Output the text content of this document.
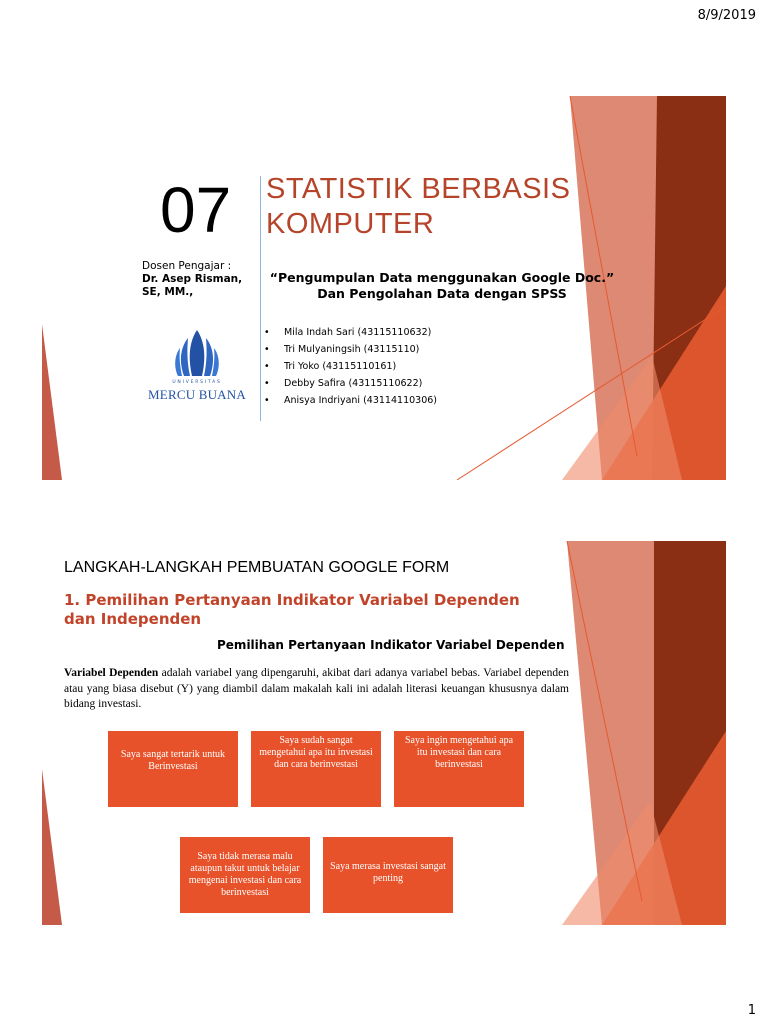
8/9/2019
07 STATISTIK BERBASIS
KOMPUTER
Dosen Pengajar :
Dr. Asep Risman, SE, MM.,
“Pengumpulan Data menggunakan Google Doc.”
Dan Pengolahan Data dengan SPSS
UNIVERSITAS
MERCU BUANA
• Mila Indah Sari (43115110632)
• Tri Mulyaningsih (43115110)
• Tri Yoko (43115110161)
• Debby Safira (43115110622)
• Anisya Indriyani (43114110306)
LANGKAH-LANGKAH PEMBUATAN GOOGLE FORM
1. Pemilihan Pertanyaan Indikator Variabel Dependen dan Independen
Pemilihan Pertanyaan Indikator Variabel Dependen
Variabel Dependen adalah variabel yang dipengaruhi, akibat dari adanya variabel bebas. Variabel dependen atau yang biasa disebut (Y) yang diambil dalam makalah kali ini adalah literasi keuangan khususnya dalam bidang investasi.
Saya sangat tertarik untuk Berinvestasi
Saya sudah sangat mengetahui apa itu investasi dan cara berinvestasi
Saya ingin mengetahui apa itu investasi dan cara berinvestasi
Saya tidak merasa malu ataupun takut untuk belajar mengenai investasi dan cara berinvestasi
Saya merasa investasi sangat penting
1
